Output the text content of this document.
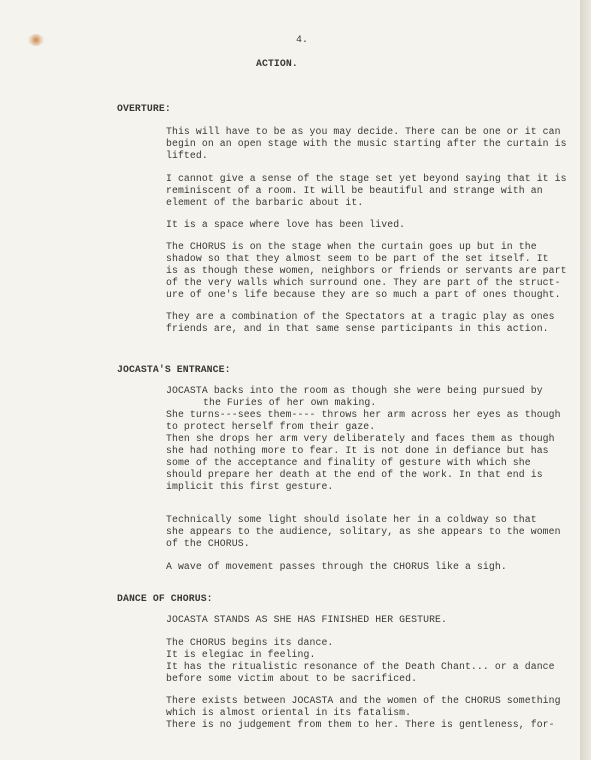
4.
ACTION.
OVERTURE:
This will have to be as you may decide. There can be one or it can
begin on an open stage with the music starting after the curtain is
lifted.
I cannot give a sense of the stage set yet beyond saying that it is
reminiscent of a room. It will be beautiful and strange with an
element of the barbaric about it.
It is a space where love has been lived.
The CHORUS is on the stage when the curtain goes up but in the
shadow so that they almost seem to be part of the set itself. It
is as though these women, neighbors or friends or servants are part
of the very walls which surround one. They are part of the struct-
ure of one's life because they are so much a part of ones thought.
They are a combination of the Spectators at a tragic play as ones
friends are, and in that same sense participants in this action.
JOCASTA'S ENTRANCE:
JOCASTA backs into the room as though she were being pursued by
the Furies of her own making.
She turns---sees them---- throws her arm across her eyes as though
to protect herself from their gaze.
Then she drops her arm very deliberately and faces them as though
she had nothing more to fear. It is not done in defiance but has
some of the acceptance and finality of gesture with which she
should prepare her death at the end of the work. In that end is
implicit this first gesture.
Technically some light should isolate her in a coldway so that
she appears to the audience, solitary, as she appears to the women
of the CHORUS.
A wave of movement passes through the CHORUS like a sigh.
DANCE OF CHORUS:
JOCASTA STANDS AS SHE HAS FINISHED HER GESTURE.
The CHORUS begins its dance.
It is elegiac in feeling.
It has the ritualistic resonance of the Death Chant... or a dance
before some victim about to be sacrificed.
There exists between JOCASTA and the women of the CHORUS something
which is almost oriental in its fatalism.
There is no judgement from them to her. There is gentleness, for-
